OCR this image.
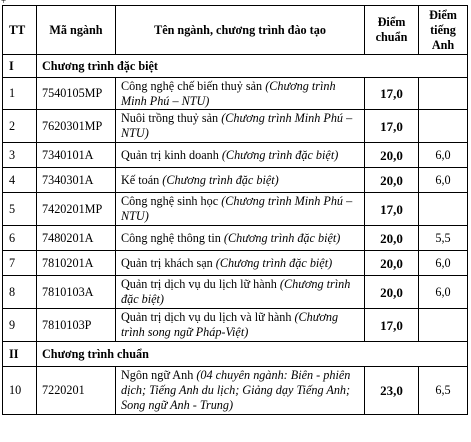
+
TT	Mã ngành	Tên ngành, chương trình đào tạo	Điểm chuẩn	Điểm tiếng Anh
I	Chương trình đặc biệt			
1	7540105MP	Công nghệ chế biến thuỷ sản (Chương trình Minh Phú – NTU)	17,0	
2	7620301MP	Nuôi trồng thuỷ sản (Chương trình Minh Phú – NTU)	17,0	
3	7340101A	Quản trị kinh doanh (Chương trình đặc biệt)	20,0	6,0
4	7340301A	Kế toán (Chương trình đặc biệt)	20,0	6,0
5	7420201MP	Công nghệ sinh học (Chương trình Minh Phú – NTU)	17,0	
6	7480201A	Công nghệ thông tin (Chương trình đặc biệt)	20,0	5,5
7	7810201A	Quản trị khách sạn (Chương trình đặc biệt)	20,0	6,0
8	7810103A	Quản trị dịch vụ du lịch lữ hành (Chương trình đặc biệt)	20,0	6,0
9	7810103P	Quản trị dịch vụ du lịch và lữ hành (Chương trình song ngữ Pháp-Việt)	17,0	
II	Chương trình chuẩn			
10	7220201	Ngôn ngữ Anh (04 chuyên ngành: Biên - phiên dịch; Tiếng Anh du lịch; Giảng dạy Tiếng Anh; Song ngữ Anh - Trung)	23,0	6,5
